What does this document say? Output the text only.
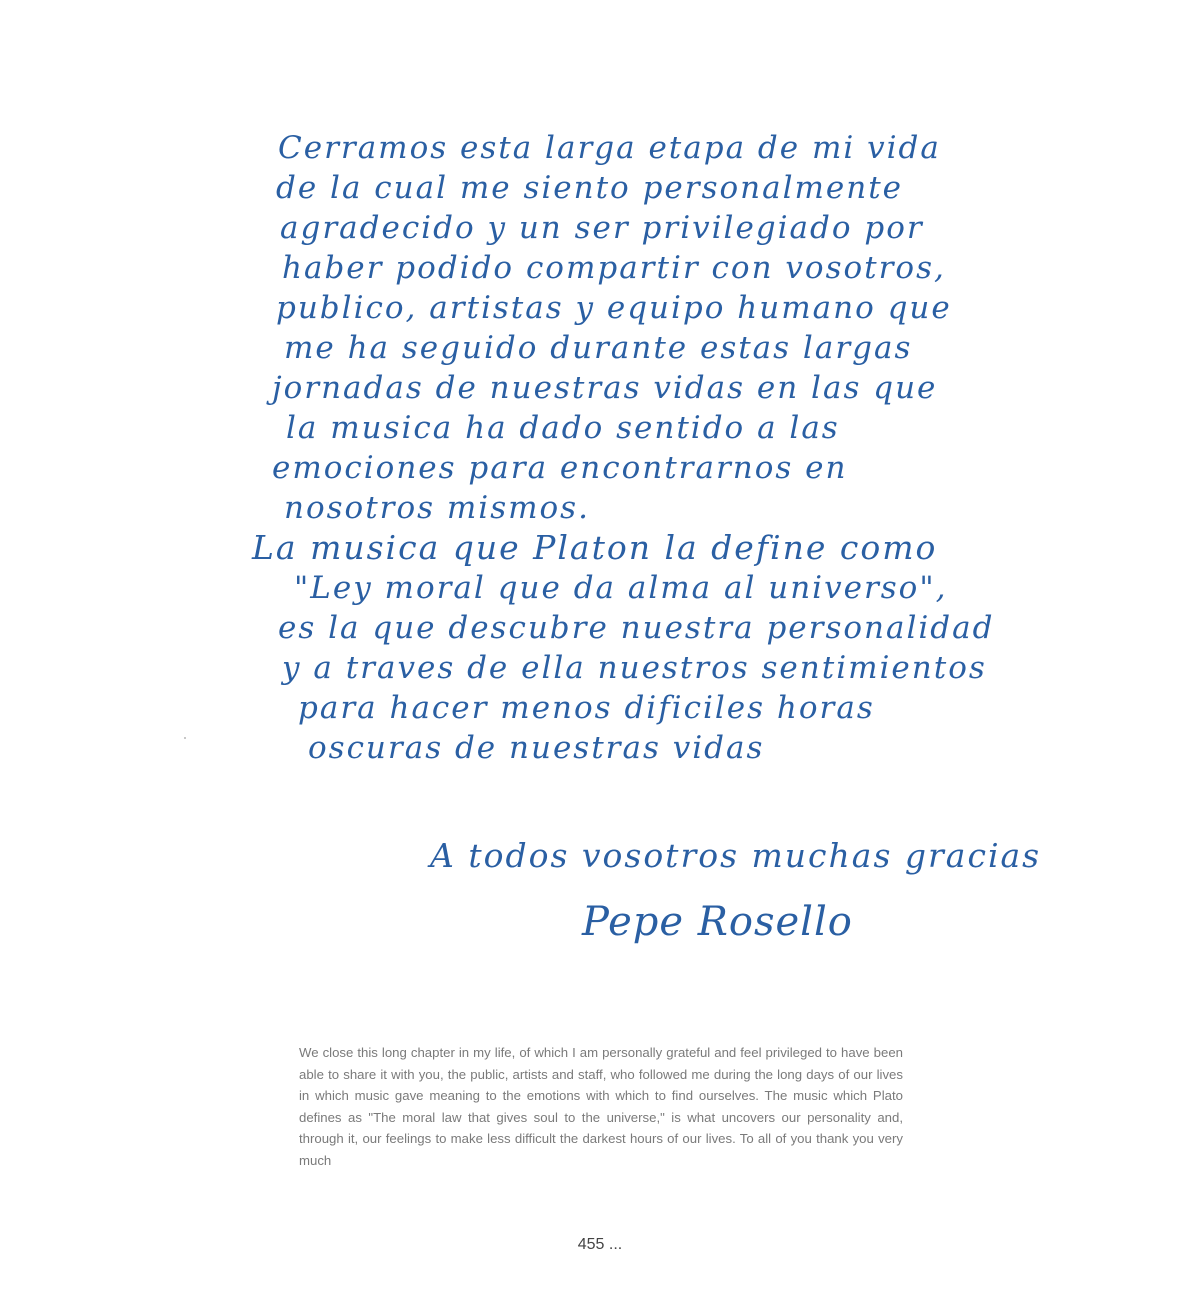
Cerramos esta larga etapa de mi vida
de la cual me siento personalmente
agradecido y un ser privilegiado por
haber podido compartir con vosotros,
publico, artistas y equipo humano que
me ha seguido durante estas largas
jornadas de nuestras vidas en las que
la musica ha dado sentido a las
emociones para encontrarnos en
nosotros mismos.
La musica que Platon la define como
"Ley moral que da alma al universo",
es la que descubre nuestra personalidad
y a traves de ella nuestros sentimientos
para hacer menos dificiles horas
oscuras de nuestras vidas
A todos vosotros muchas gracias
Pepe Rosello

We close this long chapter in my life, of which I am personally grateful and feel privileged to have been able to share it with you, the public, artists and staff, who followed me during the long days of our lives in which music gave meaning to the emotions with which to find ourselves. The music which Plato defines as "The moral law that gives soul to the universe," is what uncovers our personality and, through it, our feelings to make less difficult the darkest hours of our lives. To all of you thank you very much

455 ...
